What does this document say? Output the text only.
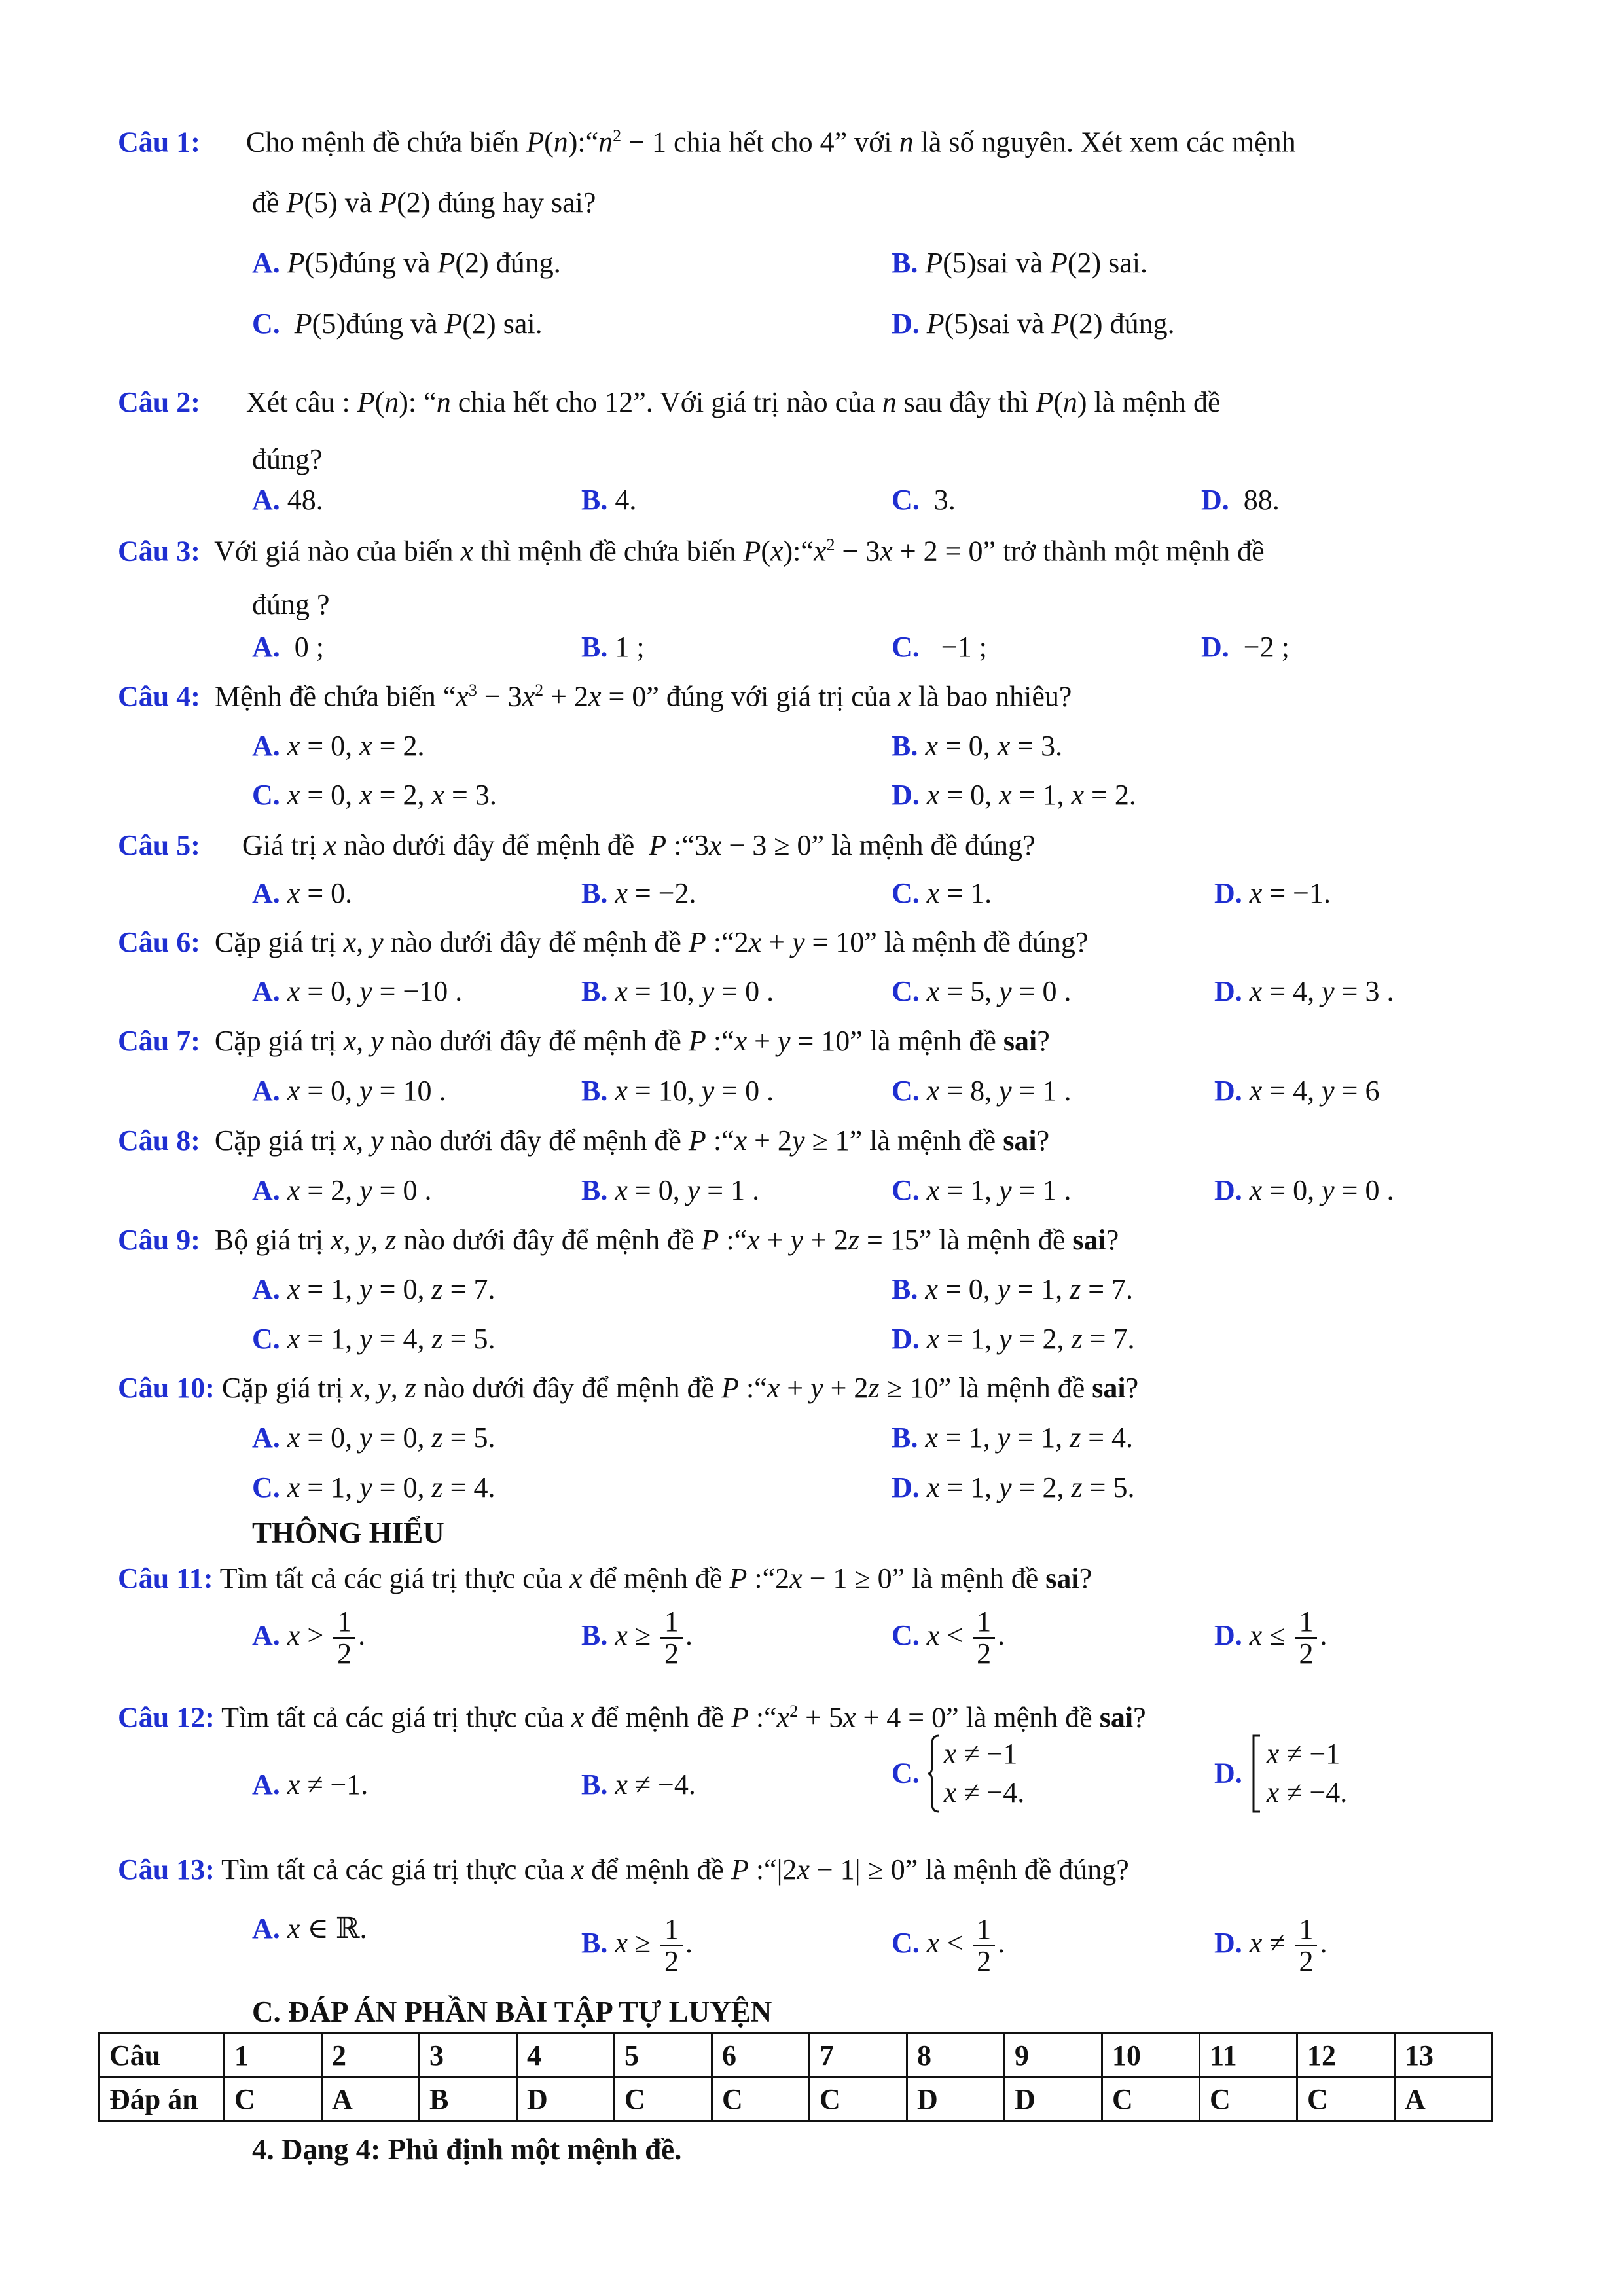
Câu 1: Cho mệnh đề chứa biến $P(n):“n^2 - 1$ chia hết cho 4” với n là số nguyên. Xét xem các mệnh
đề P(5) và P(2) đúng hay sai?
A. P(5)đúng và P(2) đúng.	B. P(5)sai và P(2) sai.
C. P(5)đúng và P(2) sai.	D. P(5)sai và P(2) đúng.
Câu 2: Xét câu : P(n): “n chia hết cho 12”. Với giá trị nào của n sau đây thì P(n) là mệnh đề
đúng?
A. 48.	B. 4.	C. 3.	D. 88.
Câu 3: Với giá nào của biến x thì mệnh đề chứa biến $P(x):“x^2 - 3x + 2 = 0$” trở thành một mệnh đề
đúng ?
A. 0 ;	B. 1 ;	C. −1 ;	D. −2 ;
Câu 4: Mệnh đề chứa biến “$x^3 - 3x^2 + 2x = 0$” đúng với giá trị của x là bao nhiêu?
A. x = 0, x = 2.	B. x = 0, x = 3.
C. x = 0, x = 2, x = 3.	D. x = 0, x = 1, x = 2.
Câu 5: Giá trị x nào dưới đây để mệnh đề  P :“3x − 3 ≥ 0” là mệnh đề đúng?
A. x = 0.	B. x = −2.	C. x = 1.	D. x = −1.
Câu 6: Cặp giá trị x, y nào dưới đây để mệnh đề P :“2x + y = 10” là mệnh đề đúng?
A. x = 0, y = −10 .	B. x = 10, y = 0 .	C. x = 5, y = 0 .	D. x = 4, y = 3 .
Câu 7: Cặp giá trị x, y nào dưới đây để mệnh đề P :“x + y = 10” là mệnh đề sai?
A. x = 0, y = 10 .	B. x = 10, y = 0 .	C. x = 8, y = 1 .	D. x = 4, y = 6
Câu 8: Cặp giá trị x, y nào dưới đây để mệnh đề P :“x + 2y ≥ 1” là mệnh đề sai?
A. x = 2, y = 0 .	B. x = 0, y = 1 .	C. x = 1, y = 1 .	D. x = 0, y = 0 .
Câu 9: Bộ giá trị x, y, z nào dưới đây để mệnh đề P :“x + y + 2z = 15” là mệnh đề sai?
A. x = 1, y = 0, z = 7.	B. x = 0, y = 1, z = 7.
C. x = 1, y = 4, z = 5.	D. x = 1, y = 2, z = 7.
Câu 10: Cặp giá trị x, y, z nào dưới đây để mệnh đề P :“x + y + 2z ≥ 10” là mệnh đề sai?
A. x = 0, y = 0, z = 5.	B. x = 1, y = 1, z = 4.
C. x = 1, y = 0, z = 4.	D. x = 1, y = 2, z = 5.
THÔNG HIỂU
Câu 11: Tìm tất cả các giá trị thực của x để mệnh đề P :“2x − 1 ≥ 0” là mệnh đề sai?
A. $x > \frac{1}{2}$ .	B. $x \ge \frac{1}{2}$ .	C. $x < \frac{1}{2}$ .	D. $x \le \frac{1}{2}$ .
Câu 12: Tìm tất cả các giá trị thực của x để mệnh đề P $:“x^2 + 5x + 4 = 0$” là mệnh đề sai?
A. x ≠ −1.	B. x ≠ −4.	C.
x ≠ −1
x ≠ −4.
D.
x ≠ −1
x ≠ −4.
Câu 13: Tìm tất cả các giá trị thực của x để mệnh đề P :“|2x − 1| ≥ 0” là mệnh đề đúng?
A. x ∈ ℝ.	B. $x \ge \frac{1}{2}$ .	C. $x < \frac{1}{2}$ .	D. $x \ne \frac{1}{2}$ .
C. ĐÁP ÁN PHẦN BÀI TẬP TỰ LUYỆN
Câu	1	2	3	4	5	6	7	8	9	10	11	12	13
Đáp án	C	A	B	D	C	C	C	D	D	C	C	C	A
4. Dạng 4: Phủ định một mệnh đề.
